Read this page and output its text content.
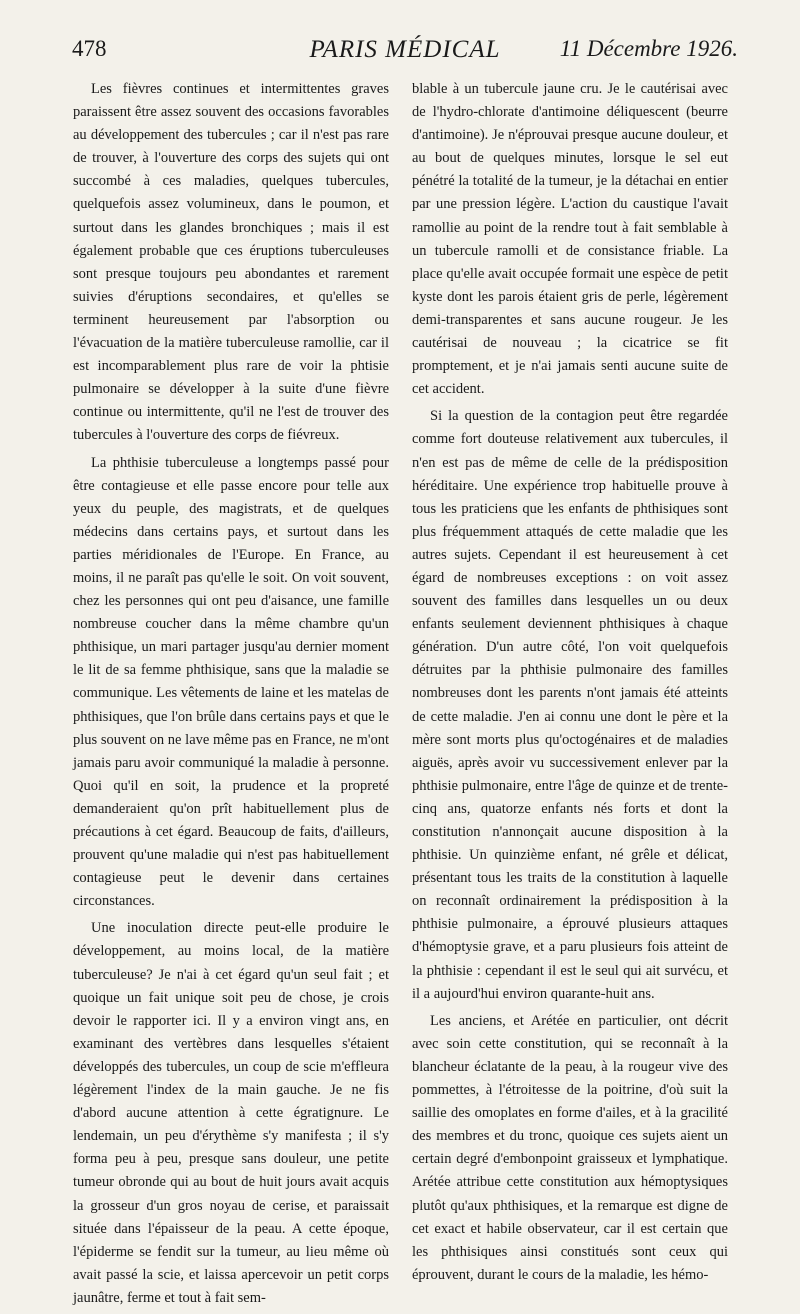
478	PARIS MÉDICAL	11 Décembre 1926.

Les fièvres continues et intermittentes graves paraissent être assez souvent des occasions favorables au développement des tubercules ; car il n'est pas rare de trouver, à l'ouverture des corps des sujets qui ont succombé à ces maladies, quelques tubercules, quelquefois assez volumineux, dans le poumon, et surtout dans les glandes bronchiques ; mais il est également probable que ces éruptions tuberculeuses sont presque toujours peu abondantes et rarement suivies d'éruptions secondaires, et qu'elles se terminent heureusement par l'absorption ou l'évacuation de la matière tuberculeuse ramollie, car il est incomparablement plus rare de voir la phtisie pulmonaire se développer à la suite d'une fièvre continue ou intermittente, qu'il ne l'est de trouver des tubercules à l'ouverture des corps de fiévreux.

La phthisie tuberculeuse a longtemps passé pour être contagieuse et elle passe encore pour telle aux yeux du peuple, des magistrats, et de quelques médecins dans certains pays, et surtout dans les parties méridionales de l'Europe. En France, au moins, il ne paraît pas qu'elle le soit. On voit souvent, chez les personnes qui ont peu d'aisance, une famille nombreuse coucher dans la même chambre qu'un phthisique, un mari partager jusqu'au dernier moment le lit de sa femme phthisique, sans que la maladie se communique. Les vêtements de laine et les matelas de phthisiques, que l'on brûle dans certains pays et que le plus souvent on ne lave même pas en France, ne m'ont jamais paru avoir communiqué la maladie à personne. Quoi qu'il en soit, la prudence et la propreté demanderaient qu'on prît habituellement plus de précautions à cet égard. Beaucoup de faits, d'ailleurs, prouvent qu'une maladie qui n'est pas habituellement contagieuse peut le devenir dans certaines circonstances.

Une inoculation directe peut-elle produire le développement, au moins local, de la matière tuberculeuse? Je n'ai à cet égard qu'un seul fait ; et quoique un fait unique soit peu de chose, je crois devoir le rapporter ici. Il y a environ vingt ans, en examinant des vertèbres dans lesquelles s'étaient développés des tubercules, un coup de scie m'effleura légèrement l'index de la main gauche. Je ne fis d'abord aucune attention à cette égratignure. Le lendemain, un peu d'érythème s'y manifesta ; il s'y forma peu à peu, presque sans douleur, une petite tumeur obronde qui au bout de huit jours avait acquis la grosseur d'un gros noyau de cerise, et paraissait située dans l'épaisseur de la peau. A cette époque, l'épiderme se fendit sur la tumeur, au lieu même où avait passé la scie, et laissa apercevoir un petit corps jaunâtre, ferme et tout à fait sem-

blable à un tubercule jaune cru. Je le cautérisai avec de l'hydro-chlorate d'antimoine déliquescent (beurre d'antimoine). Je n'éprouvai presque aucune douleur, et au bout de quelques minutes, lorsque le sel eut pénétré la totalité de la tumeur, je la détachai en entier par une pression légère. L'action du caustique l'avait ramollie au point de la rendre tout à fait semblable à un tubercule ramolli et de consistance friable. La place qu'elle avait occupée formait une espèce de petit kyste dont les parois étaient gris de perle, légèrement demi-transparentes et sans aucune rougeur. Je les cautérisai de nouveau ; la cicatrice se fit promptement, et je n'ai jamais senti aucune suite de cet accident.

Si la question de la contagion peut être regardée comme fort douteuse relativement aux tubercules, il n'en est pas de même de celle de la prédisposition héréditaire. Une expérience trop habituelle prouve à tous les praticiens que les enfants de phthisiques sont plus fréquemment attaqués de cette maladie que les autres sujets. Cependant il est heureusement à cet égard de nombreuses exceptions : on voit assez souvent des familles dans lesquelles un ou deux enfants seulement deviennent phthisiques à chaque génération. D'un autre côté, l'on voit quelquefois détruites par la phthisie pulmonaire des familles nombreuses dont les parents n'ont jamais été atteints de cette maladie. J'en ai connu une dont le père et la mère sont morts plus qu'octogénaires et de maladies aiguës, après avoir vu successivement enlever par la phthisie pulmonaire, entre l'âge de quinze et de trente-cinq ans, quatorze enfants nés forts et dont la constitution n'annonçait aucune disposition à la phthisie. Un quinzième enfant, né grêle et délicat, présentant tous les traits de la constitution à laquelle on reconnaît ordinairement la prédisposition à la phthisie pulmonaire, a éprouvé plusieurs attaques d'hémoptysie grave, et a paru plusieurs fois atteint de la phthisie : cependant il est le seul qui ait survécu, et il a aujourd'hui environ quarante-huit ans.

Les anciens, et Arétée en particulier, ont décrit avec soin cette constitution, qui se reconnaît à la blancheur éclatante de la peau, à la rougeur vive des pommettes, à l'étroitesse de la poitrine, d'où suit la saillie des omoplates en forme d'ailes, et à la gracilité des membres et du tronc, quoique ces sujets aient un certain degré d'embonpoint graisseux et lymphatique. Arétée attribue cette constitution aux hémoptysiques plutôt qu'aux phthisiques, et la remarque est digne de cet exact et habile observateur, car il est certain que les phthisiques ainsi constitués sont ceux qui éprouvent, durant le cours de la maladie, les hémo-
